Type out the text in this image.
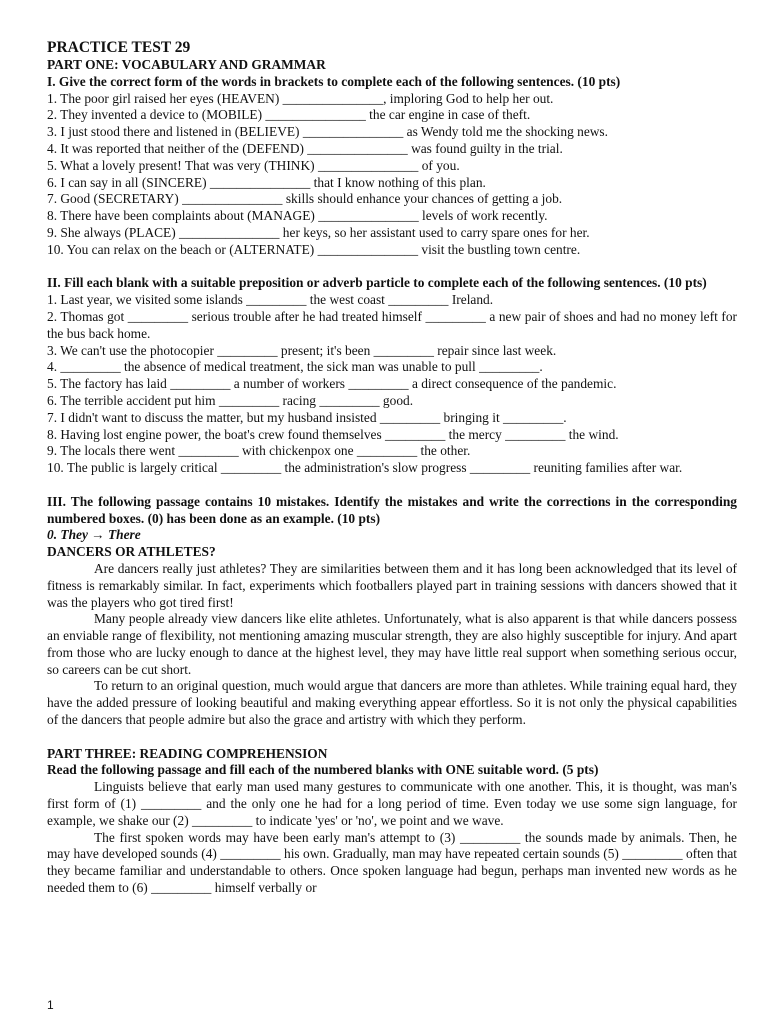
PRACTICE TEST 29

PART ONE: VOCABULARY AND GRAMMAR

I. Give the correct form of the words in brackets to complete each of the following sentences. (10 pts)

1. The poor girl raised her eyes (HEAVEN) _______________, imploring God to help her out.

2. They invented a device to (MOBILE) _______________ the car engine in case of theft.

3. I just stood there and listened in (BELIEVE) _______________ as Wendy told me the shocking news.

4. It was reported that neither of the (DEFEND) _______________ was found guilty in the trial.

5. What a lovely present! That was very (THINK) _______________ of you.

6. I can say in all (SINCERE) _______________ that I know nothing of this plan.

7. Good (SECRETARY) _______________ skills should enhance your chances of getting a job.

8. There have been complaints about (MANAGE) _______________ levels of work recently.

9. She always (PLACE) _______________ her keys, so her assistant used to carry spare ones for her.

10. You can relax on the beach or (ALTERNATE) _______________ visit the bustling town centre.

II. Fill each blank with a suitable preposition or adverb particle to complete each of the following sentences. (10 pts)

1. Last year, we visited some islands _________ the west coast _________ Ireland.

2. Thomas got _________ serious trouble after he had treated himself _________ a new pair of shoes and had no money left for the bus back home.

3. We can't use the photocopier _________ present; it's been _________ repair since last week.

4. _________ the absence of medical treatment, the sick man was unable to pull _________.

5. The factory has laid _________ a number of workers _________ a direct consequence of the pandemic.

6. The terrible accident put him _________ racing _________ good.

7. I didn't want to discuss the matter, but my husband insisted _________ bringing it _________.

8. Having lost engine power, the boat's crew found themselves _________ the mercy _________ the wind.

9. The locals there went _________ with chickenpox one _________ the other.

10. The public is largely critical _________ the administration's slow progress _________ reuniting families after war.

III. The following passage contains 10 mistakes. Identify the mistakes and write the corrections in the corresponding numbered boxes. (0) has been done as an example. (10 pts)

0. They → There

DANCERS OR ATHLETES?

Are dancers really just athletes? They are similarities between them and it has long been acknowledged that its level of fitness is remarkably similar. In fact, experiments which footballers played part in training sessions with dancers showed that it was the players who got tired first!

Many people already view dancers like elite athletes. Unfortunately, what is also apparent is that while dancers possess an enviable range of flexibility, not mentioning amazing muscular strength, they are also highly susceptible for injury. And apart from those who are lucky enough to dance at the highest level, they may have little real support when something serious occur, so careers can be cut short.

To return to an original question, much would argue that dancers are more than athletes. While training equal hard, they have the added pressure of looking beautiful and making everything appear effortless. So it is not only the physical capabilities of the dancers that people admire but also the grace and artistry with which they perform.

PART THREE: READING COMPREHENSION

Read the following passage and fill each of the numbered blanks with ONE suitable word. (5 pts)

Linguists believe that early man used many gestures to communicate with one another. This, it is thought, was man's first form of (1) _________ and the only one he had for a long period of time. Even today we use some sign language, for example, we shake our (2) _________ to indicate 'yes' or 'no', we point and we wave.

The first spoken words may have been early man's attempt to (3) _________ the sounds made by animals. Then, he may have developed sounds (4) _________ his own. Gradually, man may have repeated certain sounds (5) _________ often that they became familiar and understandable to others. Once spoken language had begun, perhaps man invented new words as he needed them to (6) _________ himself verbally or

1
